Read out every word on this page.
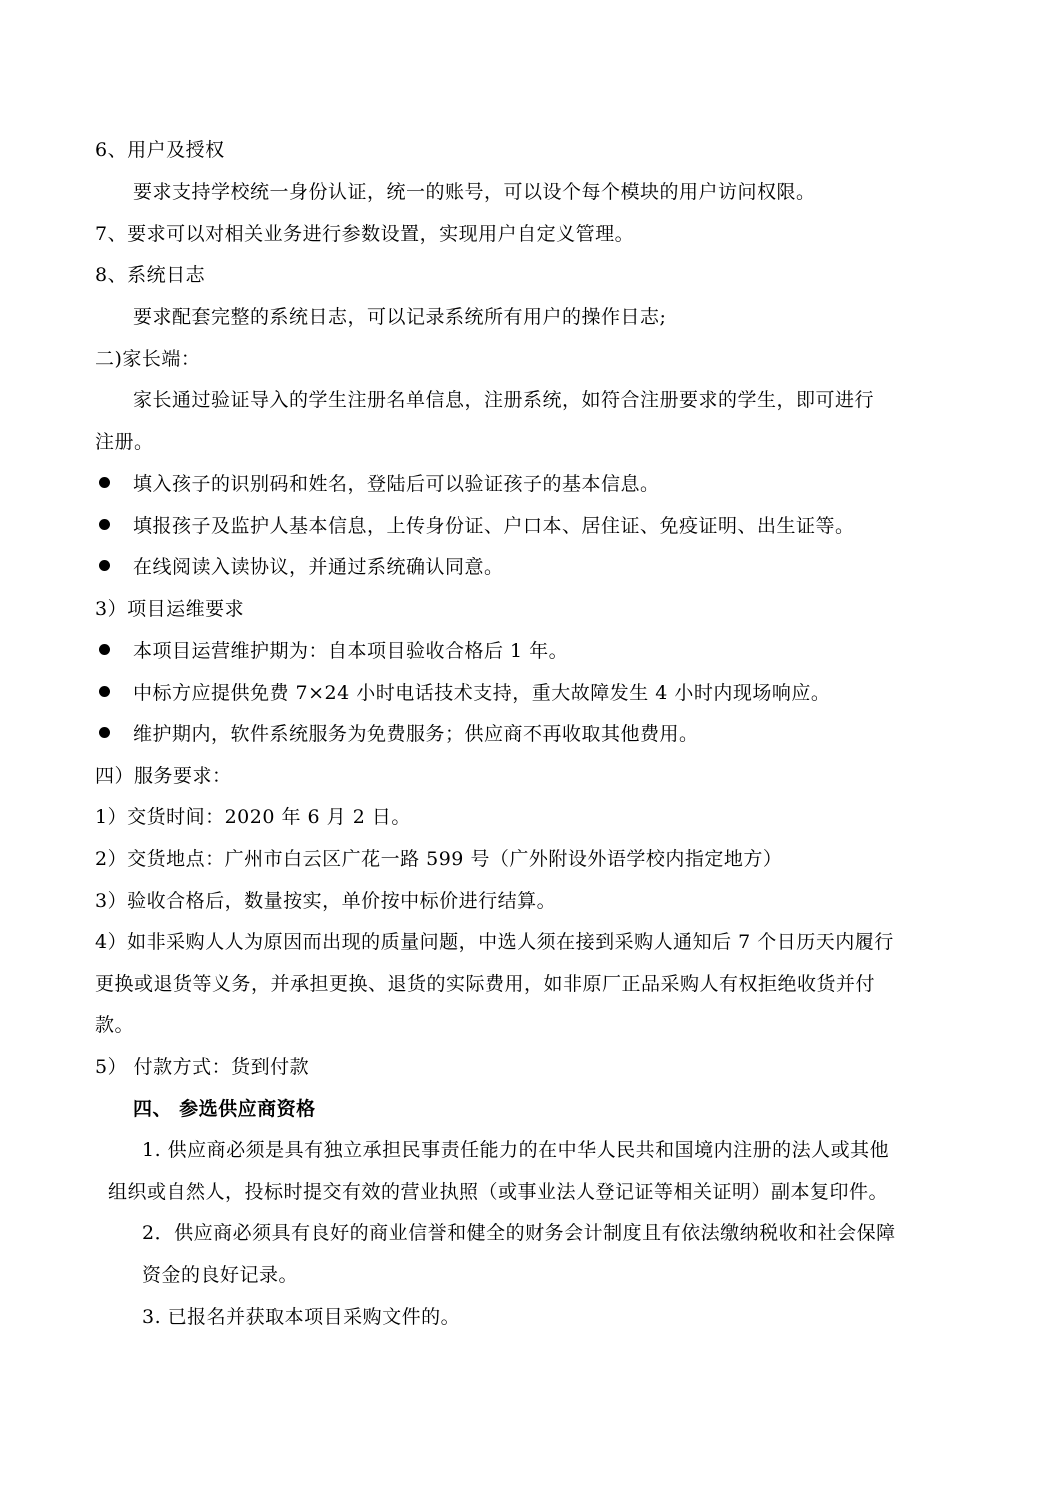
6、用户及授权
要求支持学校统一身份认证，统一的账号，可以设个每个模块的用户访问权限。
7、要求可以对相关业务进行参数设置，实现用户自定义管理。
8、系统日志
要求配套完整的系统日志，可以记录系统所有用户的操作日志;
二)家长端：
家长通过验证导入的学生注册名单信息，注册系统，如符合注册要求的学生，即可进行
注册。
填入孩子的识别码和姓名，登陆后可以验证孩子的基本信息。
填报孩子及监护人基本信息，上传身份证、户口本、居住证、免疫证明、出生证等。
在线阅读入读协议，并通过系统确认同意。
3）项目运维要求
本项目运营维护期为：自本项目验收合格后 1 年。
中标方应提供免费 7×24 小时电话技术支持，重大故障发生 4 小时内现场响应。
维护期内，软件系统服务为免费服务；供应商不再收取其他费用。
四）服务要求：
1）交货时间：2020 年 6 月 2 日。
2）交货地点：广州市白云区广花一路 599 号（广外附设外语学校内指定地方）
3）验收合格后，数量按实，单价按中标价进行结算。
4）如非采购人人为原因而出现的质量问题，中选人须在接到采购人通知后 7 个日历天内履行
更换或退货等义务，并承担更换、退货的实际费用，如非原厂正品采购人有权拒绝收货并付
款。
5） 付款方式：货到付款
四、 参选供应商资格
1. 供应商必须是具有独立承担民事责任能力的在中华人民共和国境内注册的法人或其他
组织或自然人，投标时提交有效的营业执照（或事业法人登记证等相关证明）副本复印件。
2．供应商必须具有良好的商业信誉和健全的财务会计制度且有依法缴纳税收和社会保障
资金的良好记录。
3. 已报名并获取本项目采购文件的。
